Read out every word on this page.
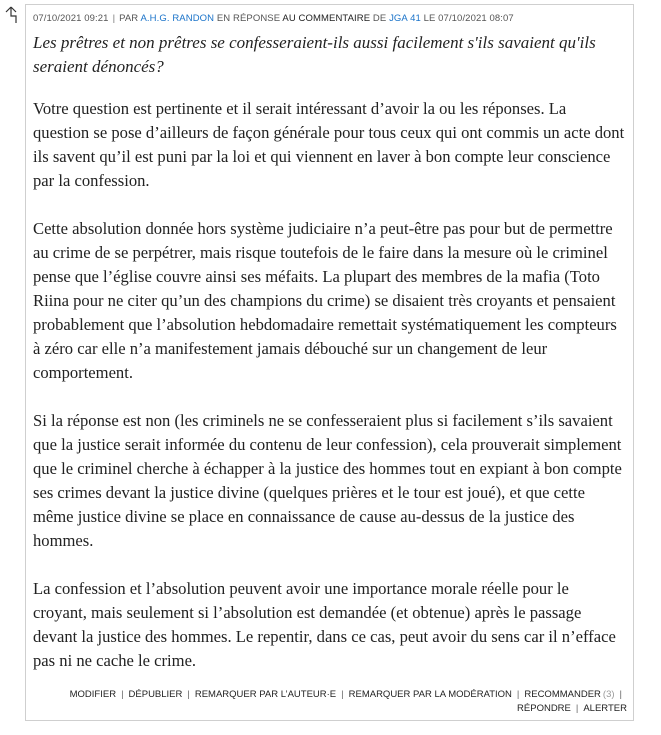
07/10/2021 09:21 | PAR A.H.G. RANDON EN RÉPONSE AU COMMENTAIRE DE JGA 41 LE 07/10/2021 08:07
Les prêtres et non prêtres se confesseraient-ils aussi facilement s'ils savaient qu'ils seraient dénoncés?

Votre question est pertinente et il serait intéressant d’avoir la ou les réponses. La question se pose d’ailleurs de façon générale pour tous ceux qui ont commis un acte dont ils savent qu’il est puni par la loi et qui viennent en laver à bon compte leur conscience par la confession.

Cette absolution donnée hors système judiciaire n’a peut-être pas pour but de permettre au crime de se perpétrer, mais risque toutefois de le faire dans la mesure où le criminel pense que l’église couvre ainsi ses méfaits. La plupart des membres de la mafia (Toto Riina pour ne citer qu’un des champions du crime) se disaient très croyants et pensaient probablement que l’absolution hebdomadaire remettait systématiquement les compteurs à zéro car elle n’a manifestement jamais débouché sur un changement de leur comportement.

Si la réponse est non (les criminels ne se confesseraient plus si facilement s’ils savaient que la justice serait informée du contenu de leur confession), cela prouverait simplement que le criminel cherche à échapper à la justice des hommes tout en expiant à bon compte ses crimes devant la justice divine (quelques prières et le tour est joué), et que cette même justice divine se place en connaissance de cause au-dessus de la justice des hommes.

La confession et l’absolution peuvent avoir une importance morale réelle pour le croyant, mais seulement si l’absolution est demandée (et obtenue) après le passage devant la justice des hommes. Le repentir, dans ce cas, peut avoir du sens car il n’efface pas ni ne cache le crime.

MODIFIER | DÉPUBLIER | REMARQUER PAR L’AUTEUR·E | REMARQUER PAR LA MODÉRATION | RECOMMANDER (3) |
RÉPONDRE | ALERTER
